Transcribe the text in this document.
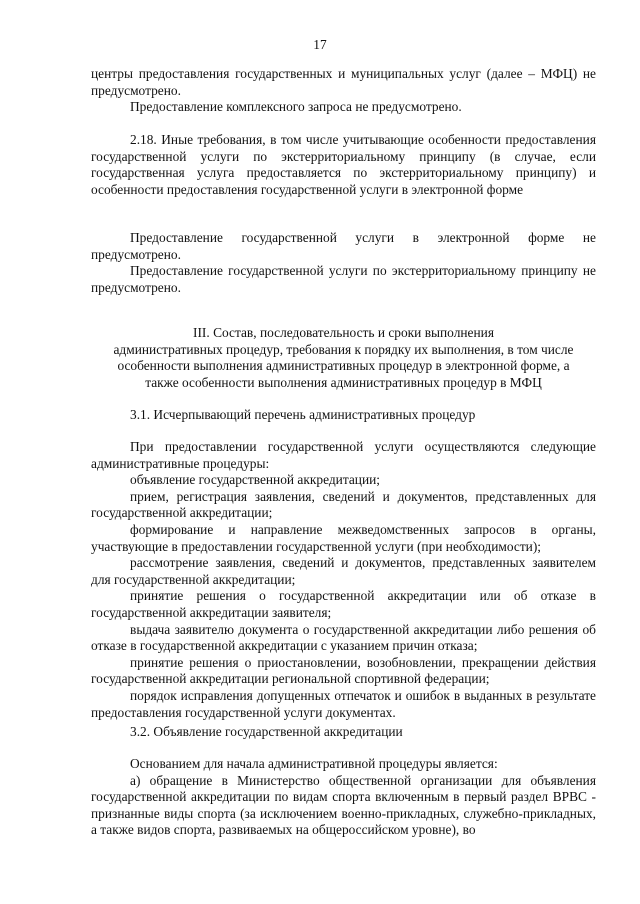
17

центры предоставления государственных и муниципальных услуг (далее – МФЦ) не предусмотрено.

Предоставление комплексного запроса не предусмотрено.

2.18. Иные требования, в том числе учитывающие особенности предоставления государственной услуги по экстерриториальному принципу (в случае, если государственная услуга предоставляется по экстерриториальному принципу) и особенности предоставления государственной услуги в электронной форме

Предоставление государственной услуги в электронной форме не предусмотрено.

Предоставление государственной услуги по экстерриториальному принципу не предусмотрено.

III. Состав, последовательность и сроки выполнения
административных процедур, требования к порядку их выполнения, в том числе
особенности выполнения административных процедур в электронной форме, а
также особенности выполнения административных процедур в МФЦ

3.1. Исчерпывающий перечень административных процедур

При предоставлении государственной услуги осуществляются следующие административные процедуры:

объявление государственной аккредитации;

прием, регистрация заявления, сведений и документов, представленных для государственной аккредитации;

формирование и направление межведомственных запросов в органы, участвующие в предоставлении государственной услуги (при необходимости);

рассмотрение заявления, сведений и документов, представленных заявителем для государственной аккредитации;

принятие решения о государственной аккредитации или об отказе в государственной аккредитации заявителя;

выдача заявителю документа о государственной аккредитации либо решения об отказе в государственной аккредитации с указанием причин отказа;

принятие решения о приостановлении, возобновлении, прекращении действия государственной аккредитации региональной спортивной федерации;

порядок исправления допущенных отпечаток и ошибок в выданных в результате предоставления государственной услуги документах.

3.2. Объявление государственной аккредитации

Основанием для начала административной процедуры является:

а) обращение в Министерство общественной организации для объявления государственной аккредитации по видам спорта включенным в первый раздел ВРВС - признанные виды спорта (за исключением военно-прикладных, служебно-прикладных, а также видов спорта, развиваемых на общероссийском уровне), во
